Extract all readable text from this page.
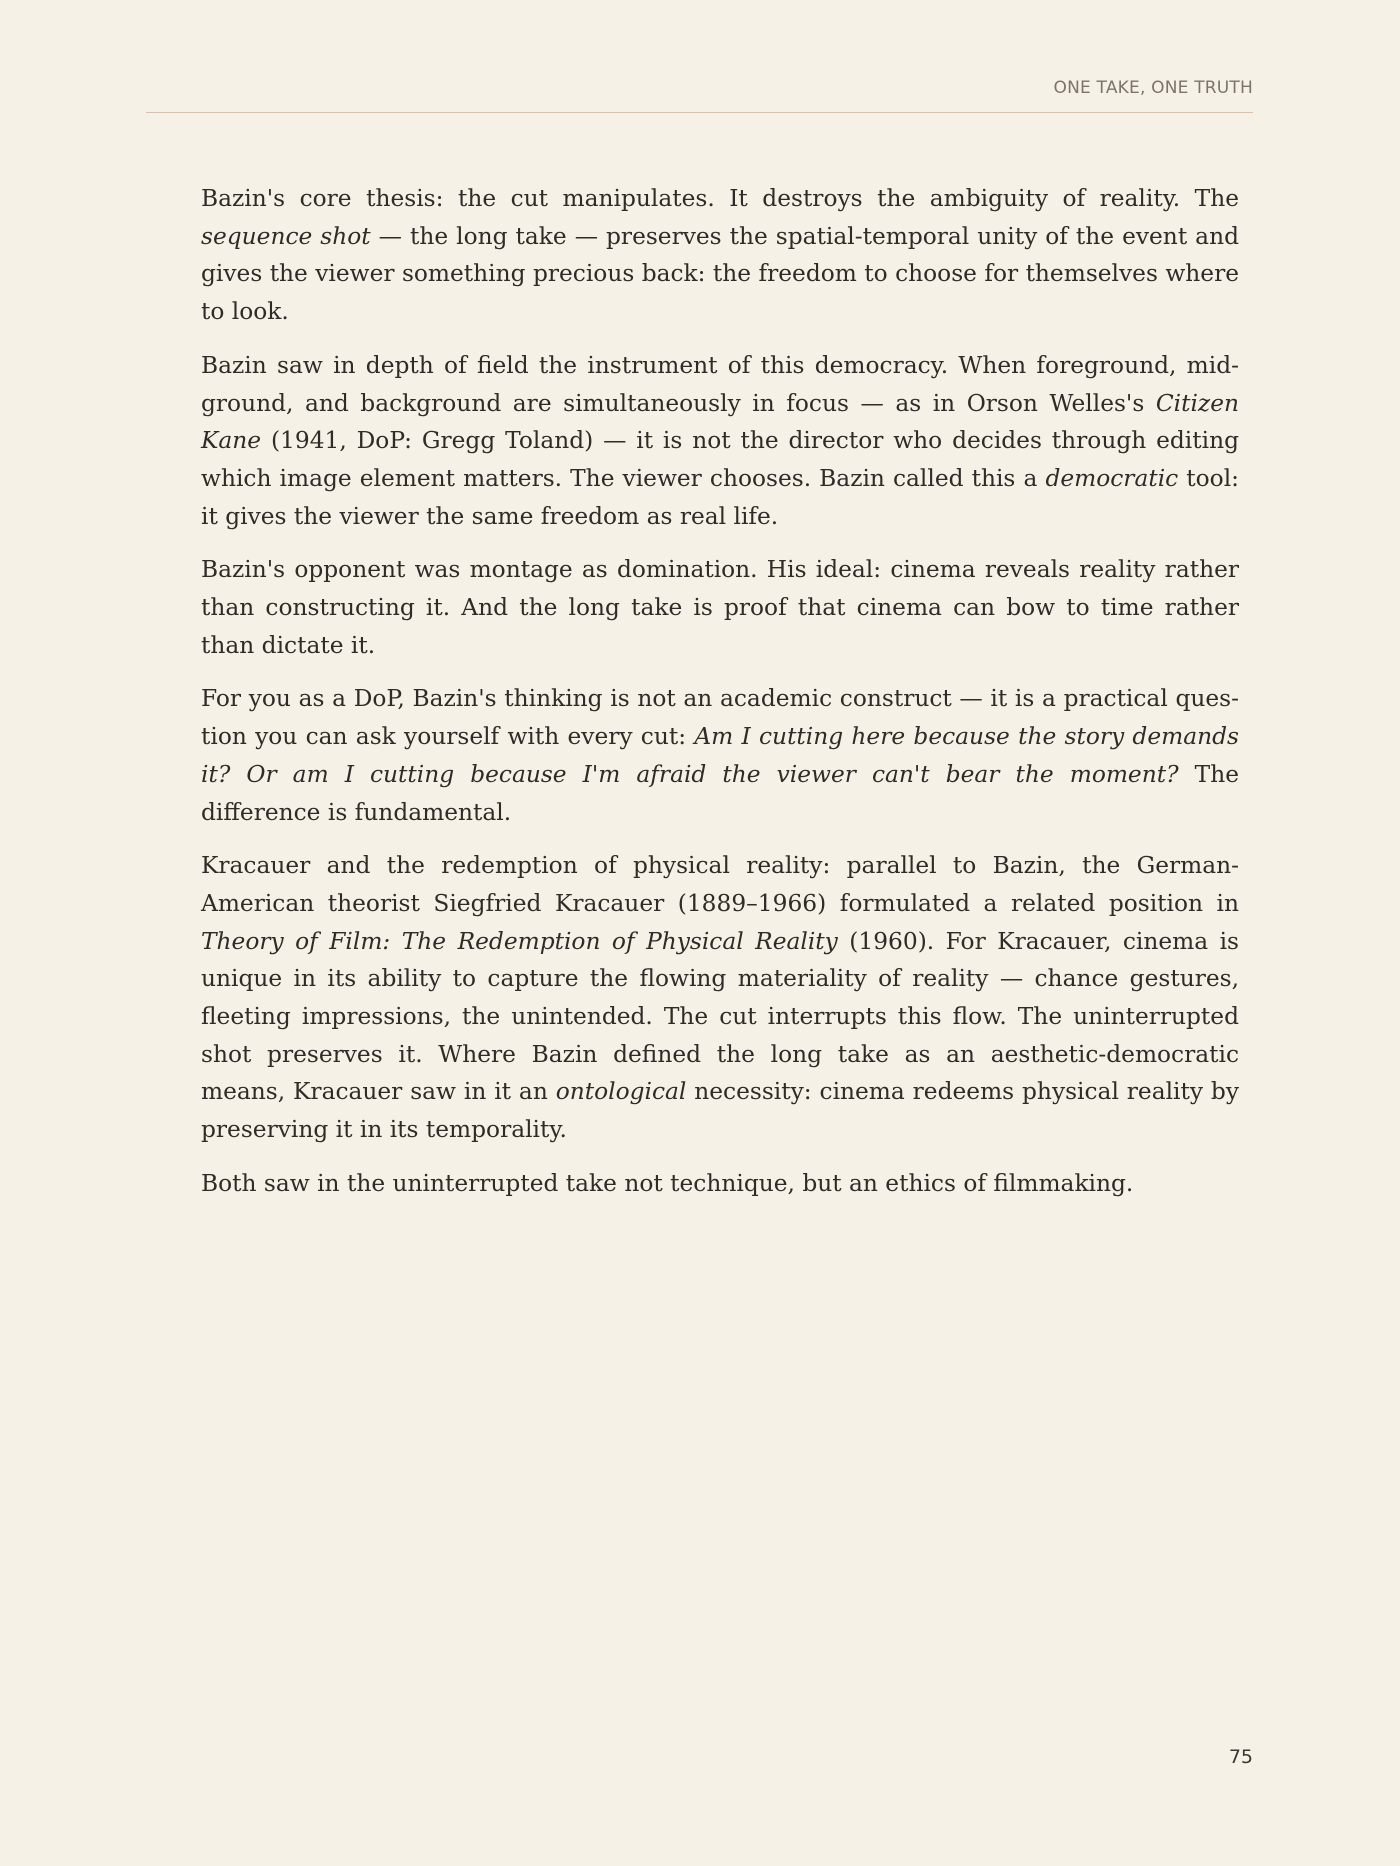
ONE TAKE, ONE TRUTH

Bazin's core thesis: the cut manipulates. It destroys the ambiguity of reality. The sequence shot — the long take — preserves the spatial-temporal unity of the event and gives the viewer something precious back: the freedom to choose for themselves where to look.

Bazin saw in depth of field the instrument of this democracy. When foreground, midground, and background are simultaneously in focus — as in Orson Welles's Citizen Kane (1941, DoP: Gregg Toland) — it is not the director who decides through editing which image element matters. The viewer chooses. Bazin called this a democratic tool: it gives the viewer the same freedom as real life.

Bazin's opponent was montage as domination. His ideal: cinema reveals reality rather than constructing it. And the long take is proof that cinema can bow to time rather than dictate it.

For you as a DoP, Bazin's thinking is not an academic construct — it is a practical question you can ask yourself with every cut: Am I cutting here because the story demands it? Or am I cutting because I'm afraid the viewer can't bear the moment? The difference is fundamental.

Kracauer and the redemption of physical reality: parallel to Bazin, the German-American theorist Siegfried Kracauer (1889–1966) formulated a related position in Theory of Film: The Redemption of Physical Reality (1960). For Kracauer, cinema is unique in its ability to capture the flowing materiality of reality — chance gestures, fleeting impressions, the unintended. The cut interrupts this flow. The uninterrupted shot preserves it. Where Bazin defined the long take as an aesthetic-democratic means, Kracauer saw in it an ontological necessity: cinema redeems physical reality by preserving it in its temporality.

Both saw in the uninterrupted take not technique, but an ethics of filmmaking.

75
